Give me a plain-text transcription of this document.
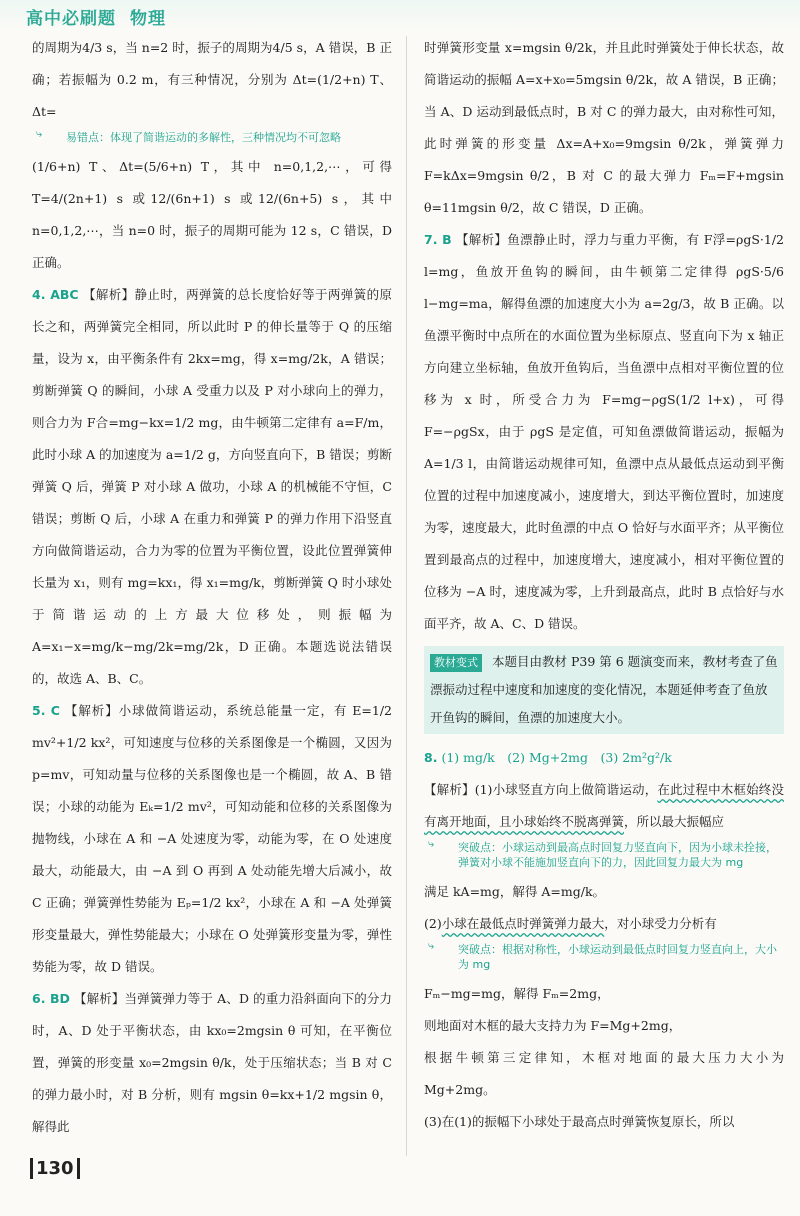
高中必刷题 物理

的周期为4/3 s，当 n=2 时，振子的周期为4/5 s，A 错误，B 正确；若振幅为 0.2 m，有三种情况，分别为 Δt=(1/2+n) T、Δt=

⤷ 易错点：体现了简谐运动的多解性，三种情况均不可忽略

(1/6+n) T、Δt=(5/6+n) T，其中 n=0,1,2,⋯，可得 T=4/(2n+1) s 或12/(6n+1) s 或12/(6n+5) s，其中 n=0,1,2,⋯，当 n=0 时，振子的周期可能为 12 s，C 错误，D 正确。

4. ABC 【解析】静止时，两弹簧的总长度恰好等于两弹簧的原长之和，两弹簧完全相同，所以此时 P 的伸长量等于 Q 的压缩量，设为 x，由平衡条件有 2kx=mg，得 x=mg/2k，A 错误；剪断弹簧 Q 的瞬间，小球 A 受重力以及 P 对小球向上的弹力，则合力为 F合=mg−kx=1/2 mg，由牛顿第二定律有 a=F/m，此时小球 A 的加速度为 a=1/2 g，方向竖直向下，B 错误；剪断弹簧 Q 后，弹簧 P 对小球 A 做功，小球 A 的机械能不守恒，C 错误；剪断 Q 后，小球 A 在重力和弹簧 P 的弹力作用下沿竖直方向做简谐运动，合力为零的位置为平衡位置，设此位置弹簧伸长量为 x₁，则有 mg=kx₁，得 x₁=mg/k，剪断弹簧 Q 时小球处于简谐运动的上方最大位移处，则振幅为 A=x₁−x=mg/k−mg/2k=mg/2k，D 正确。本题选说法错误的，故选 A、B、C。

5. C 【解析】小球做简谐运动，系统总能量一定，有 E=1/2 mv²+1/2 kx²，可知速度与位移的关系图像是一个椭圆，又因为 p=mv，可知动量与位移的关系图像也是一个椭圆，故 A、B 错误；小球的动能为 Eₖ=1/2 mv²，可知动能和位移的关系图像为抛物线，小球在 A 和 −A 处速度为零，动能为零，在 O 处速度最大，动能最大，由 −A 到 O 再到 A 处动能先增大后减小，故 C 正确；弹簧弹性势能为 Eₚ=1/2 kx²，小球在 A 和 −A 处弹簧形变量最大，弹性势能最大；小球在 O 处弹簧形变量为零，弹性势能为零，故 D 错误。

6. BD 【解析】当弹簧弹力等于 A、D 的重力沿斜面向下的分力时，A、D 处于平衡状态，由 kx₀=2mgsin θ 可知，在平衡位置，弹簧的形变量 x₀=2mgsin θ/k，处于压缩状态；当 B 对 C 的弹力最小时，对 B 分析，则有 mgsin θ=kx+1/2 mgsin θ，解得此

时弹簧形变量 x=mgsin θ/2k，并且此时弹簧处于伸长状态，故简谐运动的振幅 A=x+x₀=5mgsin θ/2k，故 A 错误，B 正确；当 A、D 运动到最低点时，B 对 C 的弹力最大，由对称性可知，此时弹簧的形变量 Δx=A+x₀=9mgsin θ/2k，弹簧弹力 F=kΔx=9mgsin θ/2，B 对 C 的最大弹力 Fₘ=F+mgsin θ=11mgsin θ/2，故 C 错误，D 正确。

7. B 【解析】鱼漂静止时，浮力与重力平衡，有 F浮=ρgS·1/2 l=mg，鱼放开鱼钩的瞬间，由牛顿第二定律得 ρgS·5/6 l−mg=ma，解得鱼漂的加速度大小为 a=2g/3，故 B 正确。以鱼漂平衡时中点所在的水面位置为坐标原点、竖直向下为 x 轴正方向建立坐标轴，鱼放开鱼钩后，当鱼漂中点相对平衡位置的位移为 x 时，所受合力为 F=mg−ρgS(1/2 l+x)，可得 F=−ρgSx，由于 ρgS 是定值，可知鱼漂做简谐运动，振幅为 A=1/3 l，由简谐运动规律可知，鱼漂中点从最低点运动到平衡位置的过程中加速度减小，速度增大，到达平衡位置时，加速度为零，速度最大，此时鱼漂的中点 O 恰好与水面平齐；从平衡位置到最高点的过程中，加速度增大，速度减小，相对平衡位置的位移为 −A 时，速度减为零，上升到最高点，此时 B 点恰好与水面平齐，故 A、C、D 错误。

教材变式 本题目由教材 P39 第 6 题演变而来，教材考查了鱼漂振动过程中速度和加速度的变化情况，本题延伸考查了鱼放开鱼钩的瞬间，鱼漂的加速度大小。

8. (1) mg/k　(2) Mg+2mg　(3) 2m²g²/k

【解析】(1)小球竖直方向上做简谐运动，在此过程中木框始终没有离开地面，且小球始终不脱离弹簧，所以最大振幅应

⤷ 突破点：小球运动到最高点时回复力竖直向下，因为小球未拴接，弹簧对小球不能施加竖直向下的力，因此回复力最大为 mg

满足 kA=mg，解得 A=mg/k。

(2)小球在最低点时弹簧弹力最大，对小球受力分析有

⤷ 突破点：根据对称性，小球运动到最低点时回复力竖直向上，大小为 mg

Fₘ−mg=mg，解得 Fₘ=2mg，

则地面对木框的最大支持力为 F=Mg+2mg，

根据牛顿第三定律知，木框对地面的最大压力大小为 Mg+2mg。

(3)在(1)的振幅下小球处于最高点时弹簧恢复原长，所以

130
